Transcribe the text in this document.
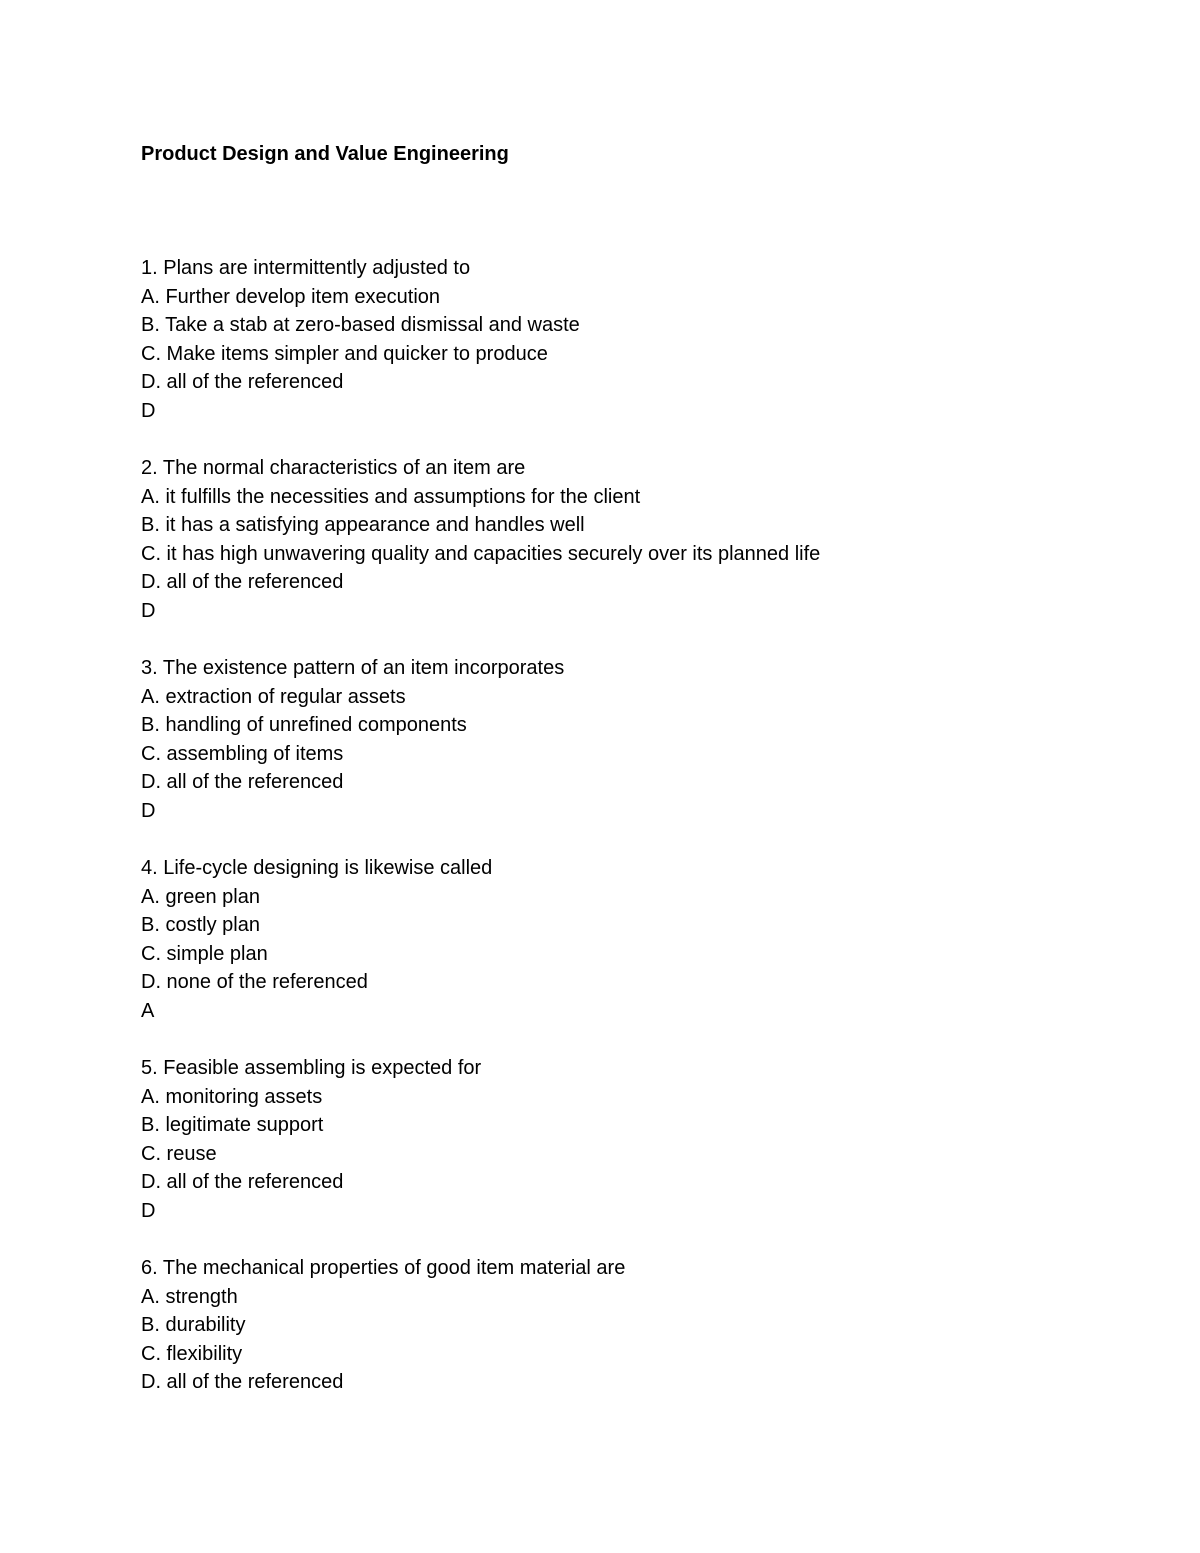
Product Design and Value Engineering
1. Plans are intermittently adjusted to
A. Further develop item execution
B. Take a stab at zero-based dismissal and waste
C. Make items simpler and quicker to produce
D. all of the referenced
D
2. The normal characteristics of an item are
A. it fulfills the necessities and assumptions for the client
B. it has a satisfying appearance and handles well
C. it has high unwavering quality and capacities securely over its planned life
D. all of the referenced
D
3. The existence pattern of an item incorporates
A. extraction of regular assets
B. handling of unrefined components
C. assembling of items
D. all of the referenced
D
4. Life-cycle designing is likewise called
A. green plan
B. costly plan
C. simple plan
D. none of the referenced
A
5. Feasible assembling is expected for
A. monitoring assets
B. legitimate support
C. reuse
D. all of the referenced
D
6. The mechanical properties of good item material are
A. strength
B. durability
C. flexibility
D. all of the referenced
